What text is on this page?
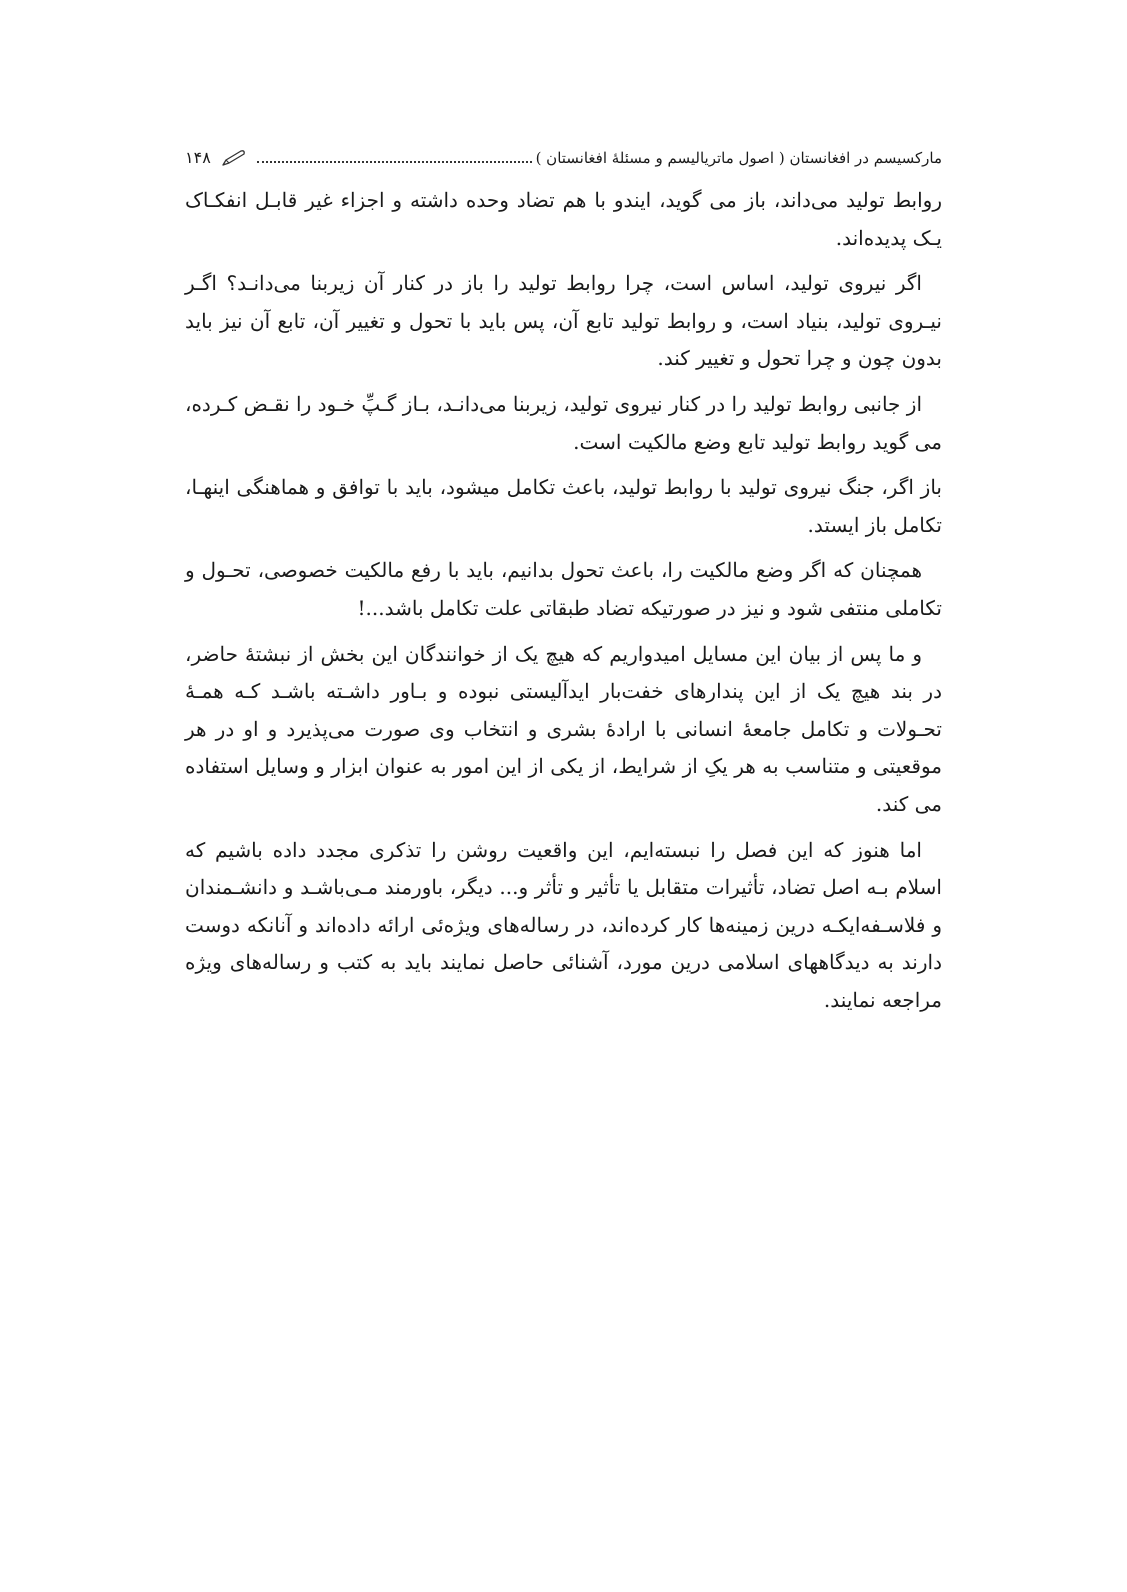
مارکسیسم در افغانستان ( اصول ماتریالیسم و مسئلهٔ افغانستان )
۱۴۸

روابط تولید می‌داند، باز می گوید، ایندو با هم تضاد وحده داشته و اجزاء غیر قابـل انفکـاک یـک پدیده‌اند.

اگر نیروی تولید، اساس است، چرا روابط تولید را باز در کنار آن زیربنا می‌دانـد؟ اگـر نیـروی تولید، بنیاد است، و روابط تولید تابع آن، پس باید با تحول و تغییر آن، تابع آن نیز باید بدون چون و چرا تحول و تغییر کند.

از جانبی روابط تولید را در کنار نیروی تولید، زیربنا می‌دانـد، بـاز گـپِّ خـود را نقـض کـرده، می گوید روابط تولید تابع وضع مالکیت است.

باز اگر، جنگ نیروی تولید با روابط تولید، باعث تکامل میشود، باید با توافق و هماهنگی اینهـا، تکامل باز ایستد.

همچنان که اگر وضع مالکیت را، باعث تحول بدانیم، باید با رفع مالکیت خصوصی، تحـول و تکاملی منتفی شود و نیز در صورتیکه تضاد طبقاتی علت تکامل باشد...!

و ما پس از بیان این مسایل امیدواریم که هیچ یک از خوانندگان این بخش از نبشتهٔ حاضر، در بند هیچ یک از این پندارهای خفت‌بار ایدآلیستی نبوده و بـاور داشـته باشـد کـه همـهٔ تحـولات و تکامل جامعهٔ انسانی با ارادهٔ بشری و انتخاب وی صورت می‌پذیرد و او در هر موقعیتی و متناسب به هر یکِ از شرایط، از یکی از این امور به عنوان ابزار و وسایل استفاده می کند.

اما هنوز که این فصل را نبسته‌ایم، این واقعیت روشن را تذکری مجدد داده باشیم که اسلام بـه اصل تضاد، تأثیرات متقابل یا تأثیر و تأثر و... دیگر، باورمند مـی‌باشـد و دانشـمندان و فلاسـفه‌ایکـه درین زمینه‌ها کار کرده‌اند، در رساله‌های ویژه‌ئی ارائه داده‌اند و آنانکه دوست دارند به دیدگاههای اسلامی درین مورد، آشنائی حاصل نمایند باید به کتب و رساله‌های ویژه مراجعه نمایند.
